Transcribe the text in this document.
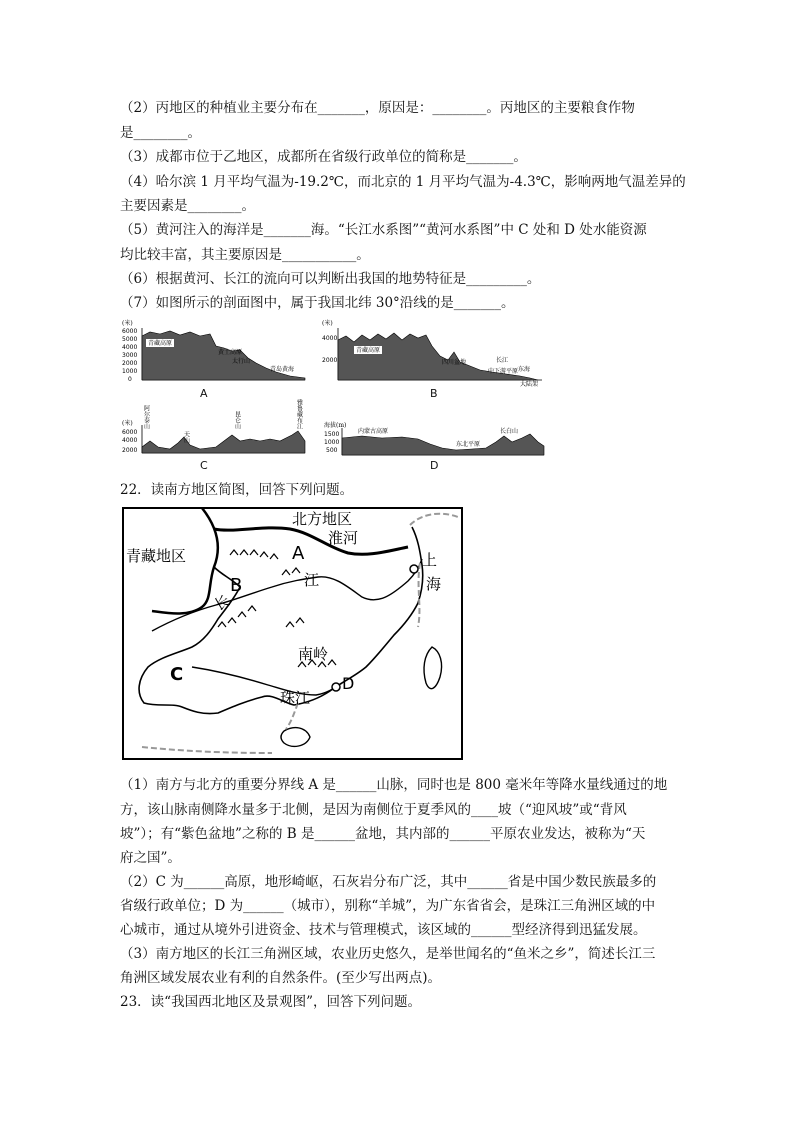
（2）丙地区的种植业主要分布在_______，原因是：________。丙地区的主要粮食作物
是________。
（3）成都市位于乙地区，成都所在省级行政单位的简称是_______。
（4）哈尔滨 1 月平均气温为-19.2℃，而北京的 1 月平均气温为-4.3℃，影响两地气温差异的
主要因素是________。
（5）黄河注入的海洋是_______海。“长江水系图”“黄河水系图”中 C 处和 D 处水能资源
均比较丰富，其主要原因是___________。
（6）根据黄河、长江的流向可以判断出我国的地势特征是_________。
（7）如图所示的剖面图中，属于我国北纬 30°沿线的是_______。
(米)
6000
5000
4000
3000
2000
1000
0
青藏高原
黄土高原
太行山
青岛黄海
A
(米)
4000
2000
青藏高原
四川盆地	长江
中下游平原 东海
大陆架
B
(米)
6000
4000
2000
阿尔泰山
天山
昆仑山	雅鲁藏布江
C
海拔(m)
1500
1000
500
内蒙古高原
东北平原
长白山
D
22．读南方地区简图，回答下列问题。
北方地区
青藏地区
淮河
上
海
A
B
C	D
长
江
南岭
珠江
（1）南方与北方的重要分界线 A 是______山脉，同时也是 800 毫米年等降水量线通过的地
方，该山脉南侧降水量多于北侧，是因为南侧位于夏季风的____坡（“迎风坡”或“背风
坡”）；有“紫色盆地”之称的 B 是______盆地，其内部的______平原农业发达，被称为“天
府之国”。
（2）C 为______高原，地形崎岖，石灰岩分布广泛，其中______省是中国少数民族最多的
省级行政单位；D 为______（城市），别称“羊城”，为广东省省会，是珠江三角洲区域的中
心城市，通过从境外引进资金、技术与管理模式，该区域的______型经济得到迅猛发展。
（3）南方地区的长江三角洲区域，农业历史悠久，是举世闻名的“鱼米之乡”，简述长江三
角洲区域发展农业有利的自然条件。(至少写出两点)。
23．读“我国西北地区及景观图”，回答下列问题。
